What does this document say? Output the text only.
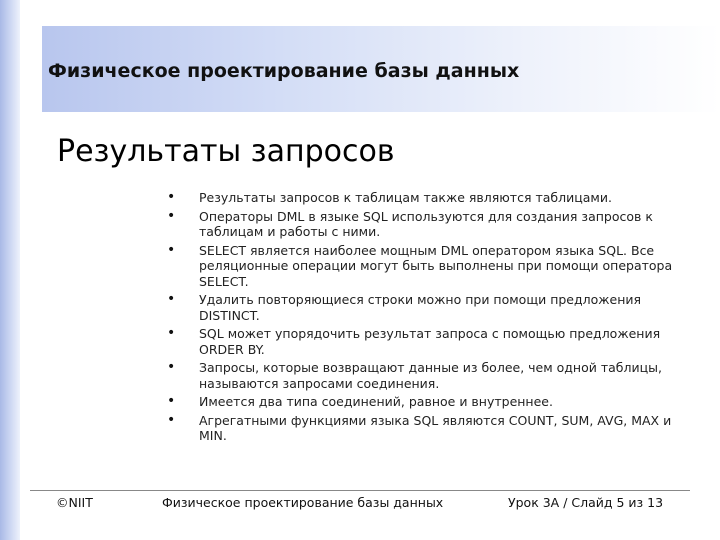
Физическое проектирование базы данных
Результаты запросов
• Результаты запросов к таблицам также являются таблицами.
• Операторы DML в языке SQL используются для создания запросов к таблицам и работы с ними.
• SELECT является наиболее мощным DML оператором языка SQL. Все реляционные операции могут быть выполнены при помощи оператора SELECT.
• Удалить повторяющиеся строки можно при помощи предложения DISTINCT.
• SQL может упорядочить результат запроса с помощью предложения ORDER BY.
• Запросы, которые возвращают данные из более, чем одной таблицы, называются запросами соединения.
• Имеется два типа соединений, равное и внутреннее.
• Агрегатными функциями языка SQL являются COUNT, SUM, AVG, MAX и MIN.
©NIIT	Физическое проектирование базы данных	Урок 3A / Слайд 5 из 13
